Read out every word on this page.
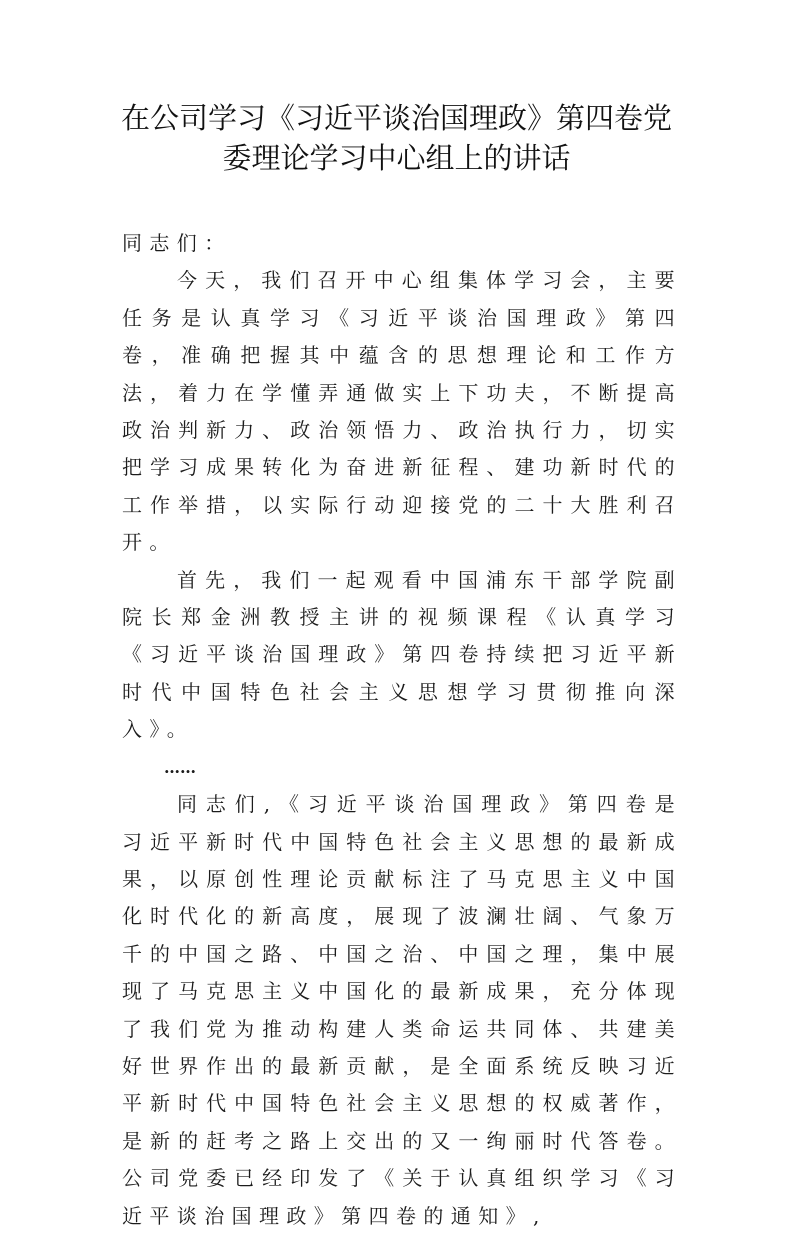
在公司学习《习近平谈治国理政》第四卷党
委理论学习中心组上的讲话

同志们：

今天，我们召开中心组集体学习会，主要任务是认真学习《习近平谈治国理政》第四卷，准确把握其中蕴含的思想理论和工作方法，着力在学懂弄通做实上下功夫，不断提高政治判新力、政治领悟力、政治执行力，切实把学习成果转化为奋进新征程、建功新时代的工作举措，以实际行动迎接党的二十大胜利召开。

首先，我们一起观看中国浦东干部学院副院长郑金洲教授主讲的视频课程《认真学习《习近平谈治国理政》第四卷持续把习近平新时代中国特色社会主义思想学习贯彻推向深入》。

……

同志们,《习近平谈治国理政》第四卷是习近平新时代中国特色社会主义思想的最新成果，以原创性理论贡献标注了马克思主义中国化时代化的新高度，展现了波澜壮阔、气象万千的中国之路、中国之治、中国之理，集中展现了马克思主义中国化的最新成果，充分体现了我们党为推动构建人类命运共同体、共建美好世界作出的最新贡献，是全面系统反映习近平新时代中国特色社会主义思想的权威著作，是新的赶考之路上交出的又一绚丽时代答卷。公司党委已经印发了《关于认真组织学习《习近平谈治国理政》第四卷的通知》,
